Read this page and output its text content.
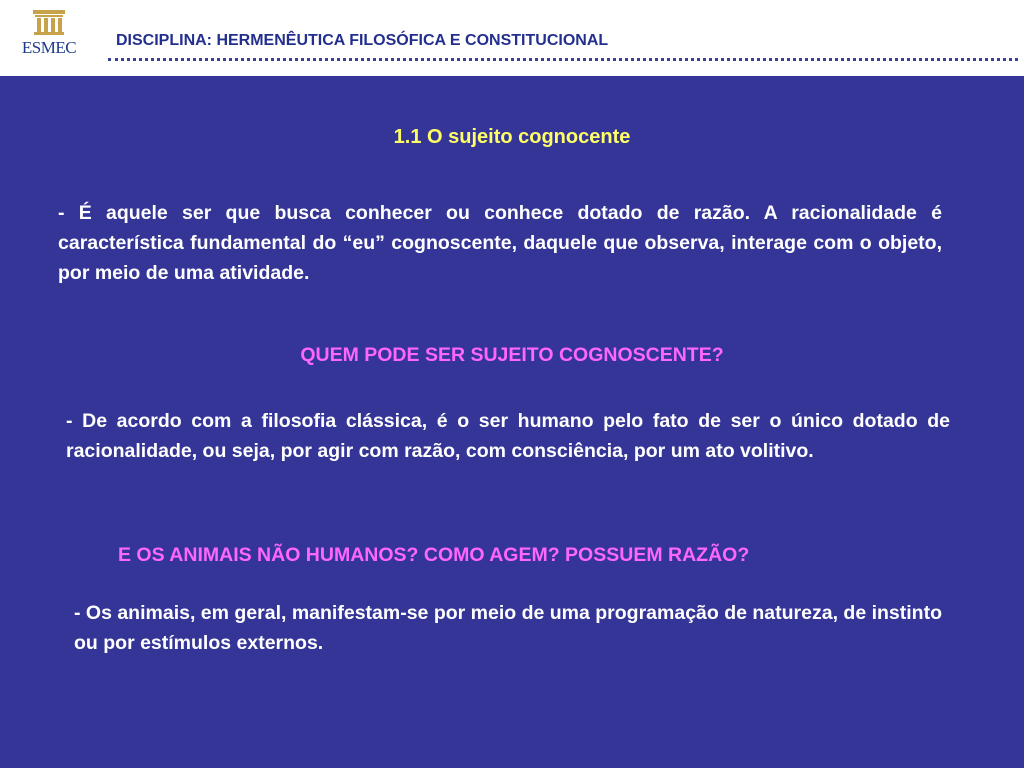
ESMEC	DISCIPLINA: HERMENÊUTICA FILOSÓFICA E CONSTITUCIONAL
1.1 O sujeito cognocente

- É aquele ser que busca conhecer ou conhece dotado de razão. A racionalidade é característica fundamental do “eu” cognoscente, daquele que observa, interage com o objeto, por meio de uma atividade.

QUEM PODE SER SUJEITO COGNOSCENTE?

- De acordo com a filosofia clássica, é o ser humano pelo fato de ser o único dotado de racionalidade, ou seja, por agir com razão, com consciência, por um ato volitivo.

E OS ANIMAIS NÃO HUMANOS? COMO AGEM? POSSUEM RAZÃO?

- Os animais, em geral, manifestam-se por meio de uma programação de natureza, de instinto ou por estímulos externos.
